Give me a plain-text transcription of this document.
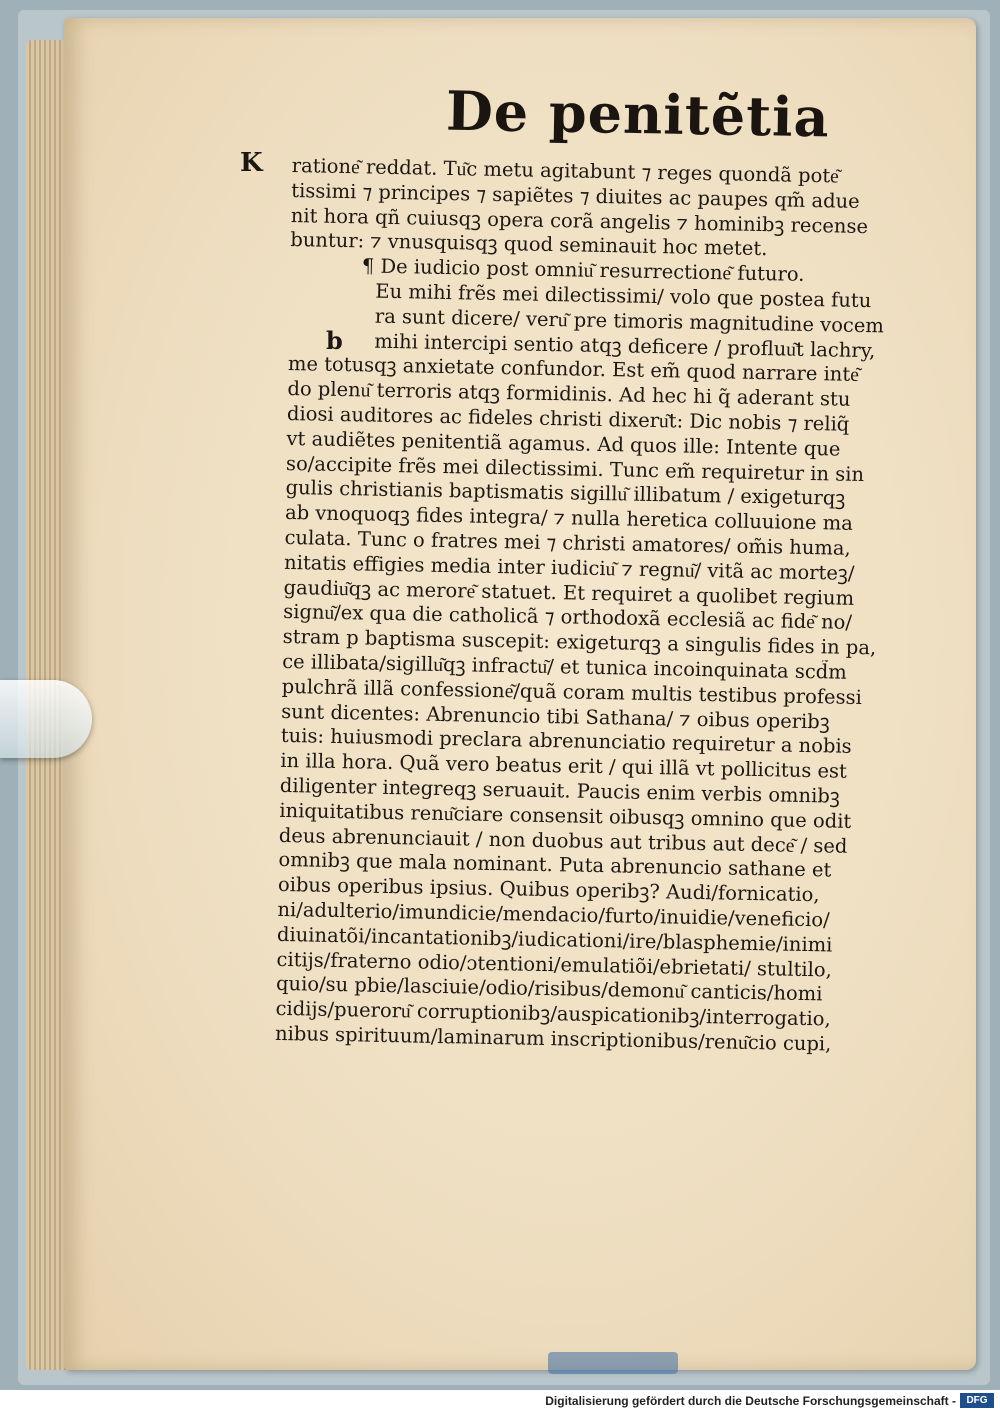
De penitẽtia
K
b
ratione͂ reddat. Tu͂c metu agitabunt ⁊ reges quondã pote͂
tissimi ⁊ principes ⁊ sapiẽtes ⁊ diuites ac paupes qm̃ adue
nit hora qñ cuiusqꝫ opera corã angelis ⁊ hominibꝫ recense
buntur: ⁊ vnusquisqꝫ quod seminauit hoc metet.
¶ De iudicio post omniu͂ resurrectione͂ futuro.
Eu mihi frẽs mei dilectissimi/ volo que postea futu
ra sunt dicere/ veru͂ pre timoris magnitudine vocem
mihi intercipi sentio atqꝫ deficere / profluu͂t lachry,
me totusqꝫ anxietate confundor. Est em̃ quod narrare inte͂
do plenu͂ terroris atqꝫ formidinis. Ad hec hi q̃ aderant stu
diosi auditores ac fideles christi dixeru͂t: Dic nobis ⁊ reliq̃
vt audiẽtes penitentiã agamus. Ad quos ille: Intente que
so/accipite frẽs mei dilectissimi. Tunc em̃ requiretur in sin
gulis christianis baptismatis sigillu͂ illibatum / exigeturqꝫ
ab vnoquoqꝫ fides integra/ ⁊ nulla heretica colluuione ma
culata. Tunc o fratres mei ⁊ christi amatores/ om̃is huma,
nitatis effigies media inter iudiciu͂ ⁊ regnu͂/ vitã ac morteꝫ/
gaudiu͂qꝫ ac merore͂ statuet. Et requiret a quolibet regium
signu͂/ex qua die catholicã ⁊ orthodoxã ecclesiã ac fide͂ no/
stram p baptisma suscepit: exigeturqꝫ a singulis fides in pa,
ce illibata/sigillu͂qꝫ infractu͂/ et tunica incoinquinata scd̃m
pulchrã illã confessione͂/quã coram multis testibus professi
sunt dicentes: Abrenuncio tibi Sathana/ ⁊ oibus operibꝫ
tuis: huiusmodi preclara abrenunciatio requiretur a nobis
in illa hora. Quã vero beatus erit / qui illã vt pollicitus est
diligenter integreqꝫ seruauit. Paucis enim verbis omnibꝫ
iniquitatibus renu͂ciare consensit oibusqꝫ omnino que odit
deus abrenunciauit / non duobus aut tribus aut dece͂ / sed
omnibꝫ que mala nominant. Puta abrenuncio sathane et
oibus operibus ipsius. Quibus operibꝫ? Audi/fornicatio,
ni/adulterio/imundicie/mendacio/furto/inuidie/veneficio/
diuinatõi/incantationibꝫ/iudicationi/ire/blasphemie/inimi
citijs/fraterno odio/ɔtentioni/emulatiõi/ebrietati/ stultilo,
quio/su pbie/lasciuie/odio/risibus/demonu͂ canticis/homi
cidijs/pueroru͂ corruptionibꝫ/auspicationibꝫ/interrogatio,
nibus spirituum/laminarum inscriptionibus/renu͂cio cupi,
Digitalisierung gefördert durch die Deutsche Forschungsgemeinschaft -	DFG
